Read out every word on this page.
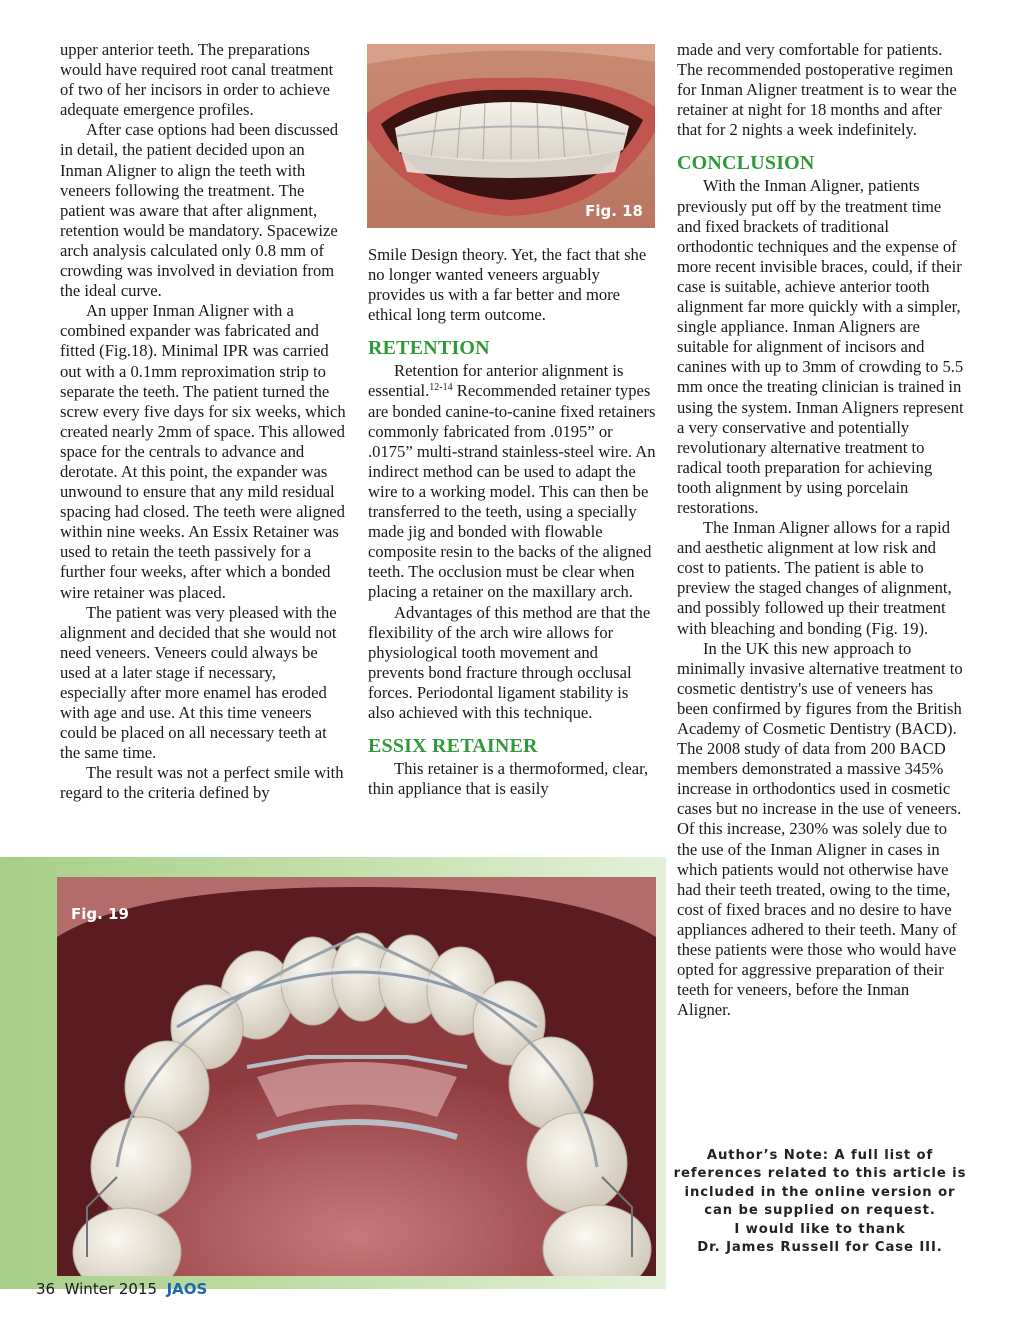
upper anterior teeth. The preparations would have required root canal treatment of two of her incisors in order to achieve adequate emergence profiles.

After case options had been discussed in detail, the patient decided upon an Inman Aligner to align the teeth with veneers following the treatment. The patient was aware that after alignment, retention would be mandatory. Spacewize arch analysis calculated only 0.8 mm of crowding was involved in deviation from the ideal curve.

An upper Inman Aligner with a combined expander was fabricated and fitted (Fig.18). Minimal IPR was carried out with a 0.1mm reproximation strip to separate the teeth. The patient turned the screw every five days for six weeks, which created nearly 2mm of space. This allowed space for the centrals to advance and derotate. At this point, the expander was unwound to ensure that any mild residual spacing had closed. The teeth were aligned within nine weeks. An Essix Retainer was used to retain the teeth passively for a further four weeks, after which a bonded wire retainer was placed.

The patient was very pleased with the alignment and decided that she would not need veneers. Veneers could always be used at a later stage if necessary, especially after more enamel has eroded with age and use. At this time veneers could be placed on all necessary teeth at the same time.

The result was not a perfect smile with regard to the criteria defined by

Fig. 18

Smile Design theory. Yet, the fact that she no longer wanted veneers arguably provides us with a far better and more ethical long term outcome.

RETENTION

Retention for anterior alignment is essential.$^{12-14}$ Recommended retainer types are bonded canine-to-canine fixed retainers commonly fabricated from .0195” or .0175” multi-strand stainless-steel wire. An indirect method can be used to adapt the wire to a working model. This can then be transferred to the teeth, using a specially made jig and bonded with flowable composite resin to the backs of the aligned teeth. The occlusion must be clear when placing a retainer on the maxillary arch.

Advantages of this method are that the flexibility of the arch wire allows for physiological tooth movement and prevents bond fracture through occlusal forces. Periodontal ligament stability is also achieved with this technique.

ESSIX RETAINER

This retainer is a thermoformed, clear, thin appliance that is easily

made and very comfortable for patients. The recommended postoperative regimen for Inman Aligner treatment is to wear the retainer at night for 18 months and after that for 2 nights a week indefinitely.

CONCLUSION

With the Inman Aligner, patients previously put off by the treatment time and fixed brackets of traditional orthodontic techniques and the expense of more recent invisible braces, could, if their case is suitable, achieve anterior tooth alignment far more quickly with a simpler, single appliance. Inman Aligners are suitable for alignment of incisors and canines with up to 3mm of crowding to 5.5 mm once the treating clinician is trained in using the system. Inman Aligners represent a very conservative and potentially revolutionary alternative treatment to radical tooth preparation for achieving tooth alignment by using porcelain restorations.

The Inman Aligner allows for a rapid and aesthetic alignment at low risk and cost to patients. The patient is able to preview the staged changes of alignment, and possibly followed up their treatment with bleaching and bonding (Fig. 19).

In the UK this new approach to minimally invasive alternative treatment to cosmetic dentistry's use of veneers has been confirmed by figures from the British Academy of Cosmetic Dentistry (BACD). The 2008 study of data from 200 BACD members demonstrated a massive 345% increase in orthodontics used in cosmetic cases but no increase in the use of veneers. Of this increase, 230% was solely due to the use of the Inman Aligner in cases in which patients would not otherwise have had their teeth treated, owing to the time, cost of fixed braces and no desire to have appliances adhered to their teeth. Many of these patients were those who would have opted for aggressive preparation of their teeth for veneers, before the Inman Aligner.

Fig. 19
Author’s Note: A full list of
references related to this article is
included in the online version or
can be supplied on request.
I would like to thank
Dr. James Russell for Case III.
36 Winter 2015 JAOS
